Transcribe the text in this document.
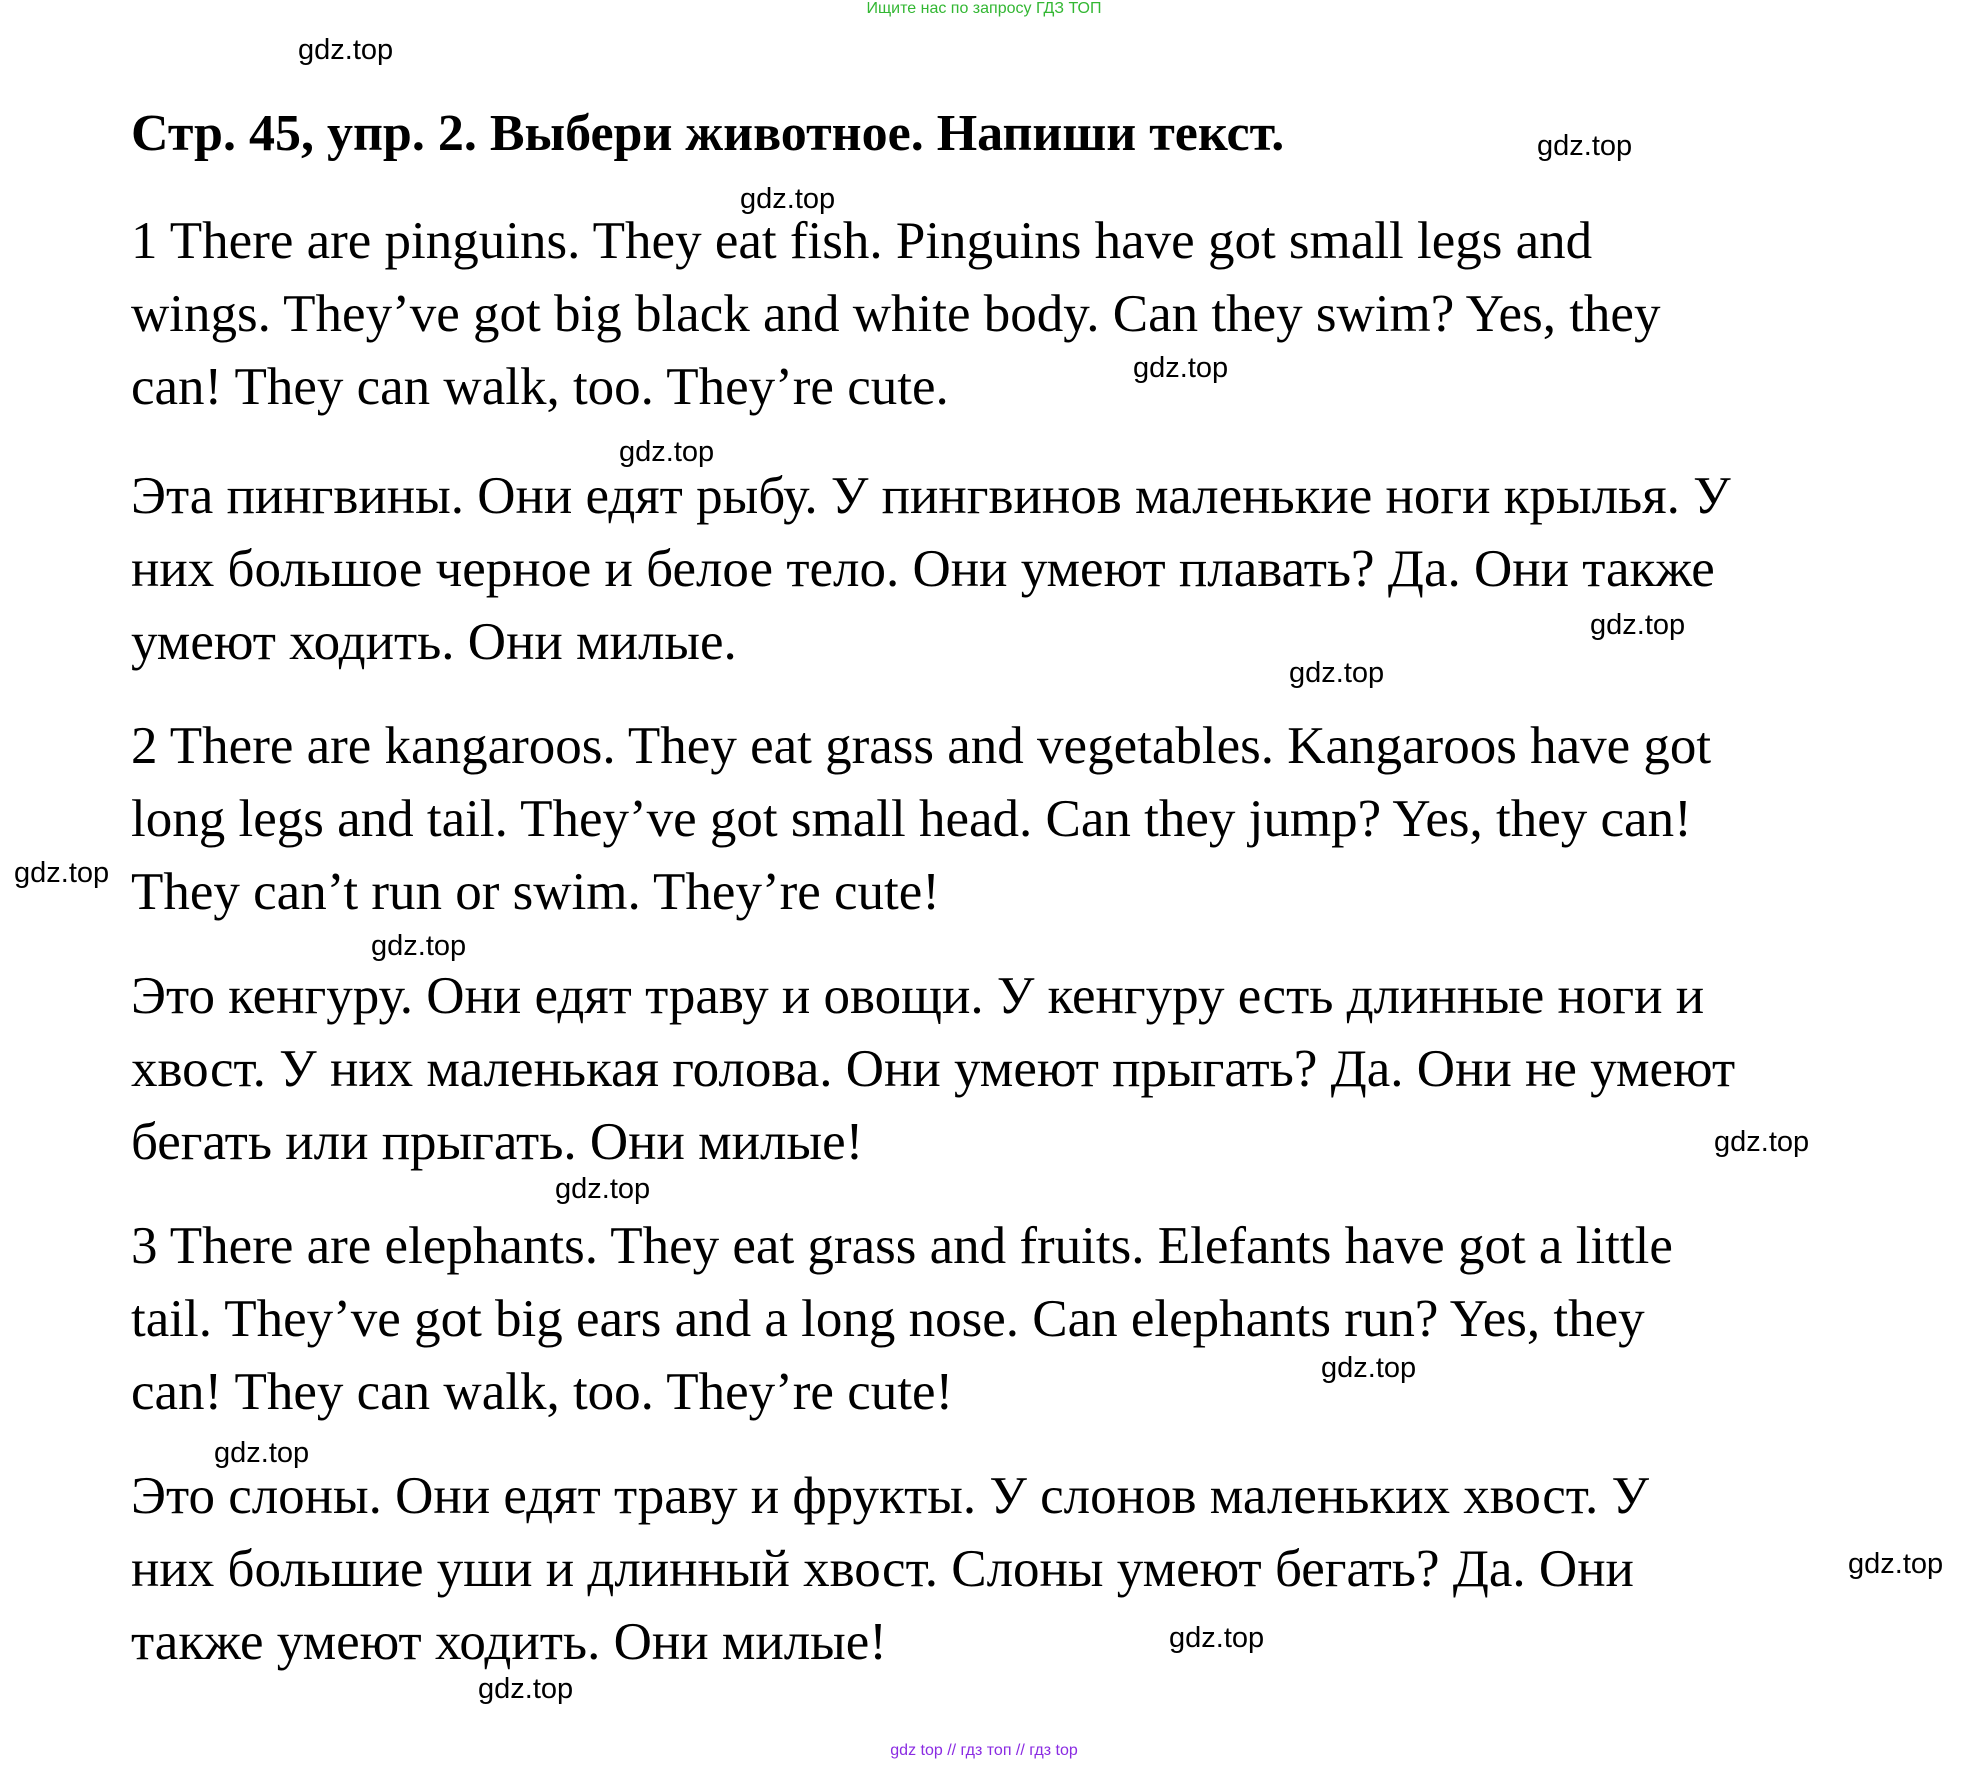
Ищите нас по запросу ГДЗ ТОП
gdz.top
Стр. 45, упр. 2. Выбери животное. Напиши текст.	gdz.top
gdz.top
1 There are pinguins. They eat fish. Pinguins have got small legs and
wings. They’ve got big black and white body. Can they swim? Yes, they
can! They can walk, too. They’re cute.	gdz.top
gdz.top
Эта пингвины. Они едят рыбу. У пингвинов маленькие ноги крылья. У
них большое черное и белое тело. Они умеют плавать? Да. Они также
умеют ходить. Они милые.	gdz.top
gdz.top
2 There are kangaroos. They eat grass and vegetables. Kangaroos have got
long legs and tail. They’ve got small head. Can they jump? Yes, they can!
They can’t run or swim. They’re cute!
gdz.top
gdz.top
Это кенгуру. Они едят траву и овощи. У кенгуру есть длинные ноги и
хвост. У них маленькая голова. Они умеют прыгать? Да. Они не умеют
бегать или прыгать. Они милые!	gdz.top
gdz.top
3 There are elephants. They eat grass and fruits. Elefants have got a little
tail. They’ve got big ears and a long nose. Can elephants run? Yes, they
can! They can walk, too. They’re cute!	gdz.top
gdz.top
Это слоны. Они едят траву и фрукты. У слонов маленьких хвост. У
них большие уши и длинный хвост. Слоны умеют бегать? Да. Они
также умеют ходить. Они милые!
gdz.top
gdz.top
gdz.top
gdz top // гдз топ // гдз top
